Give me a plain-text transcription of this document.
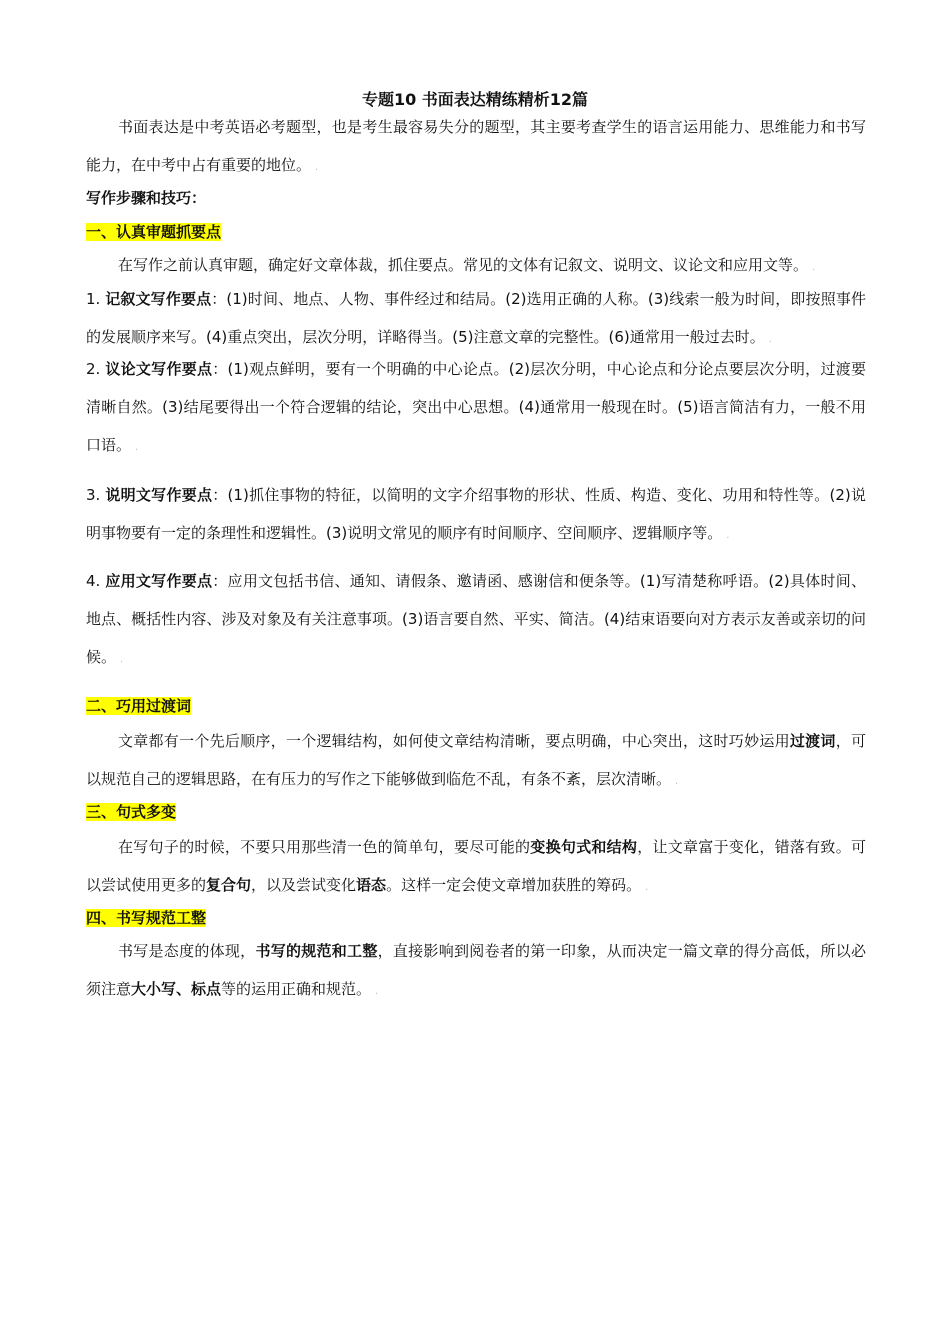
专题10 书面表达精练精析12篇
书面表达是中考英语必考题型，也是考生最容易失分的题型，其主要考查学生的语言运用能力、思维能力和书写能力，在中考中占有重要的地位。 .
写作步骤和技巧：
一、认真审题抓要点
在写作之前认真审题，确定好文章体裁，抓住要点。常见的文体有记叙文、说明文、议论文和应用文等。 .
1. 记叙文写作要点：(1)时间、地点、人物、事件经过和结局。(2)选用正确的人称。(3)线索一般为时间，即按照事件的发展顺序来写。(4)重点突出，层次分明，详略得当。(5)注意文章的完整性。(6)通常用一般过去时。 .
2. 议论文写作要点：(1)观点鲜明，要有一个明确的中心论点。(2)层次分明，中心论点和分论点要层次分明，过渡要清晰自然。(3)结尾要得出一个符合逻辑的结论，突出中心思想。(4)通常用一般现在时。(5)语言简洁有力，一般不用口语。 .
3. 说明文写作要点：(1)抓住事物的特征，以简明的文字介绍事物的形状、性质、构造、变化、功用和特性等。(2)说明事物要有一定的条理性和逻辑性。(3)说明文常见的顺序有时间顺序、空间顺序、逻辑顺序等。 .
4. 应用文写作要点：应用文包括书信、通知、请假条、邀请函、感谢信和便条等。(1)写清楚称呼语。(2)具体时间、地点、概括性内容、涉及对象及有关注意事项。(3)语言要自然、平实、简洁。(4)结束语要向对方表示友善或亲切的问候。 .
二、巧用过渡词
文章都有一个先后顺序，一个逻辑结构，如何使文章结构清晰，要点明确，中心突出，这时巧妙运用过渡词，可以规范自己的逻辑思路，在有压力的写作之下能够做到临危不乱，有条不紊，层次清晰。 .
三、句式多变
在写句子的时候，不要只用那些清一色的简单句，要尽可能的变换句式和结构，让文章富于变化，错落有致。可以尝试使用更多的复合句，以及尝试变化语态。这样一定会使文章增加获胜的筹码。 .
四、书写规范工整
书写是态度的体现，书写的规范和工整，直接影响到阅卷者的第一印象，从而决定一篇文章的得分高低，所以必须注意大小写、标点等的运用正确和规范。 .
